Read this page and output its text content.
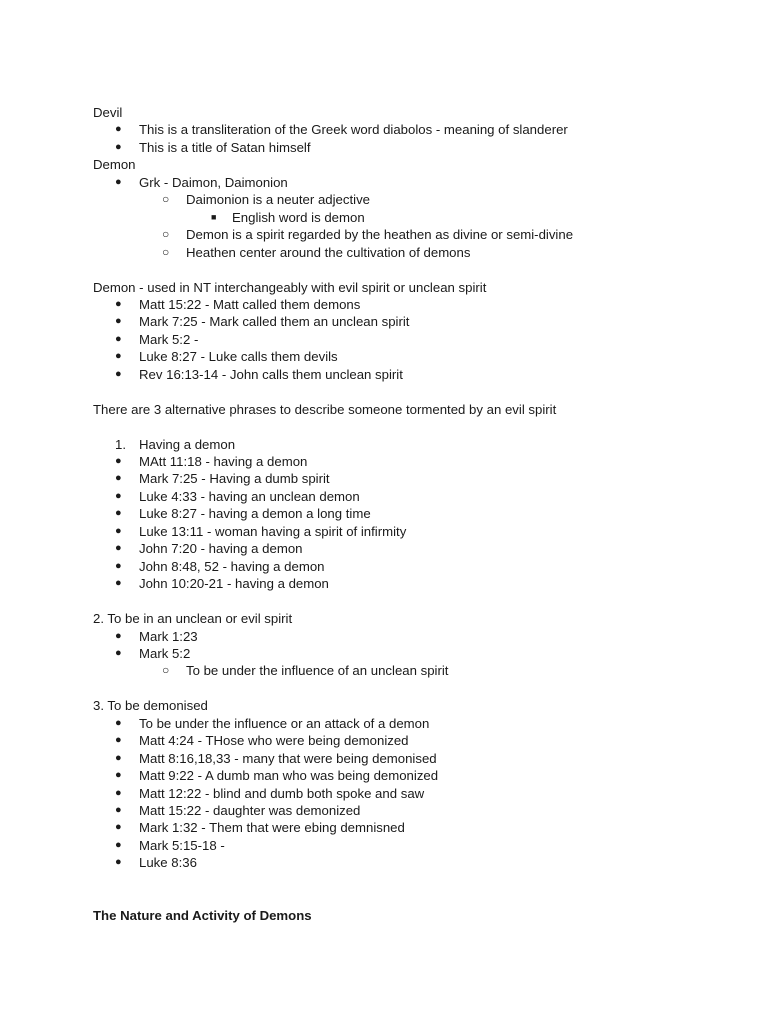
Devil
● This is a transliteration of the Greek word diabolos - meaning of slanderer
● This is a title of Satan himself
Demon
● Grk - Daimon, Daimonion
○ Daimonion is a neuter adjective
■ English word is demon
○ Demon is a spirit regarded by the heathen as divine or semi-divine
○ Heathen center around the cultivation of demons
Demon - used in NT interchangeably with evil spirit or unclean spirit
● Matt 15:22 - Matt called them demons
● Mark 7:25 - Mark called them an unclean spirit
● Mark 5:2 -
● Luke 8:27 - Luke calls them devils
● Rev 16:13-14 - John calls them unclean spirit
There are 3 alternative phrases to describe someone tormented by an evil spirit
1. Having a demon
● MAtt 11:18 - having a demon
● Mark 7:25 - Having a dumb spirit
● Luke 4:33 - having an unclean demon
● Luke 8:27 - having a demon a long time
● Luke 13:11 - woman having a spirit of infirmity
● John 7:20 - having a demon
● John 8:48, 52 - having a demon
● John 10:20-21 - having a demon
2. To be in an unclean or evil spirit
● Mark 1:23
● Mark 5:2
○ To be under the influence of an unclean spirit
3. To be demonised
● To be under the influence or an attack of a demon
● Matt 4:24 - THose who were being demonized
● Matt 8:16,18,33 - many that were being demonised
● Matt 9:22 - A dumb man who was being demonized
● Matt 12:22 - blind and dumb both spoke and saw
● Matt 15:22 - daughter was demonized
● Mark 1:32 - Them that were ebing demnisned
● Mark 5:15-18 -
● Luke 8:36
The Nature and Activity of Demons
